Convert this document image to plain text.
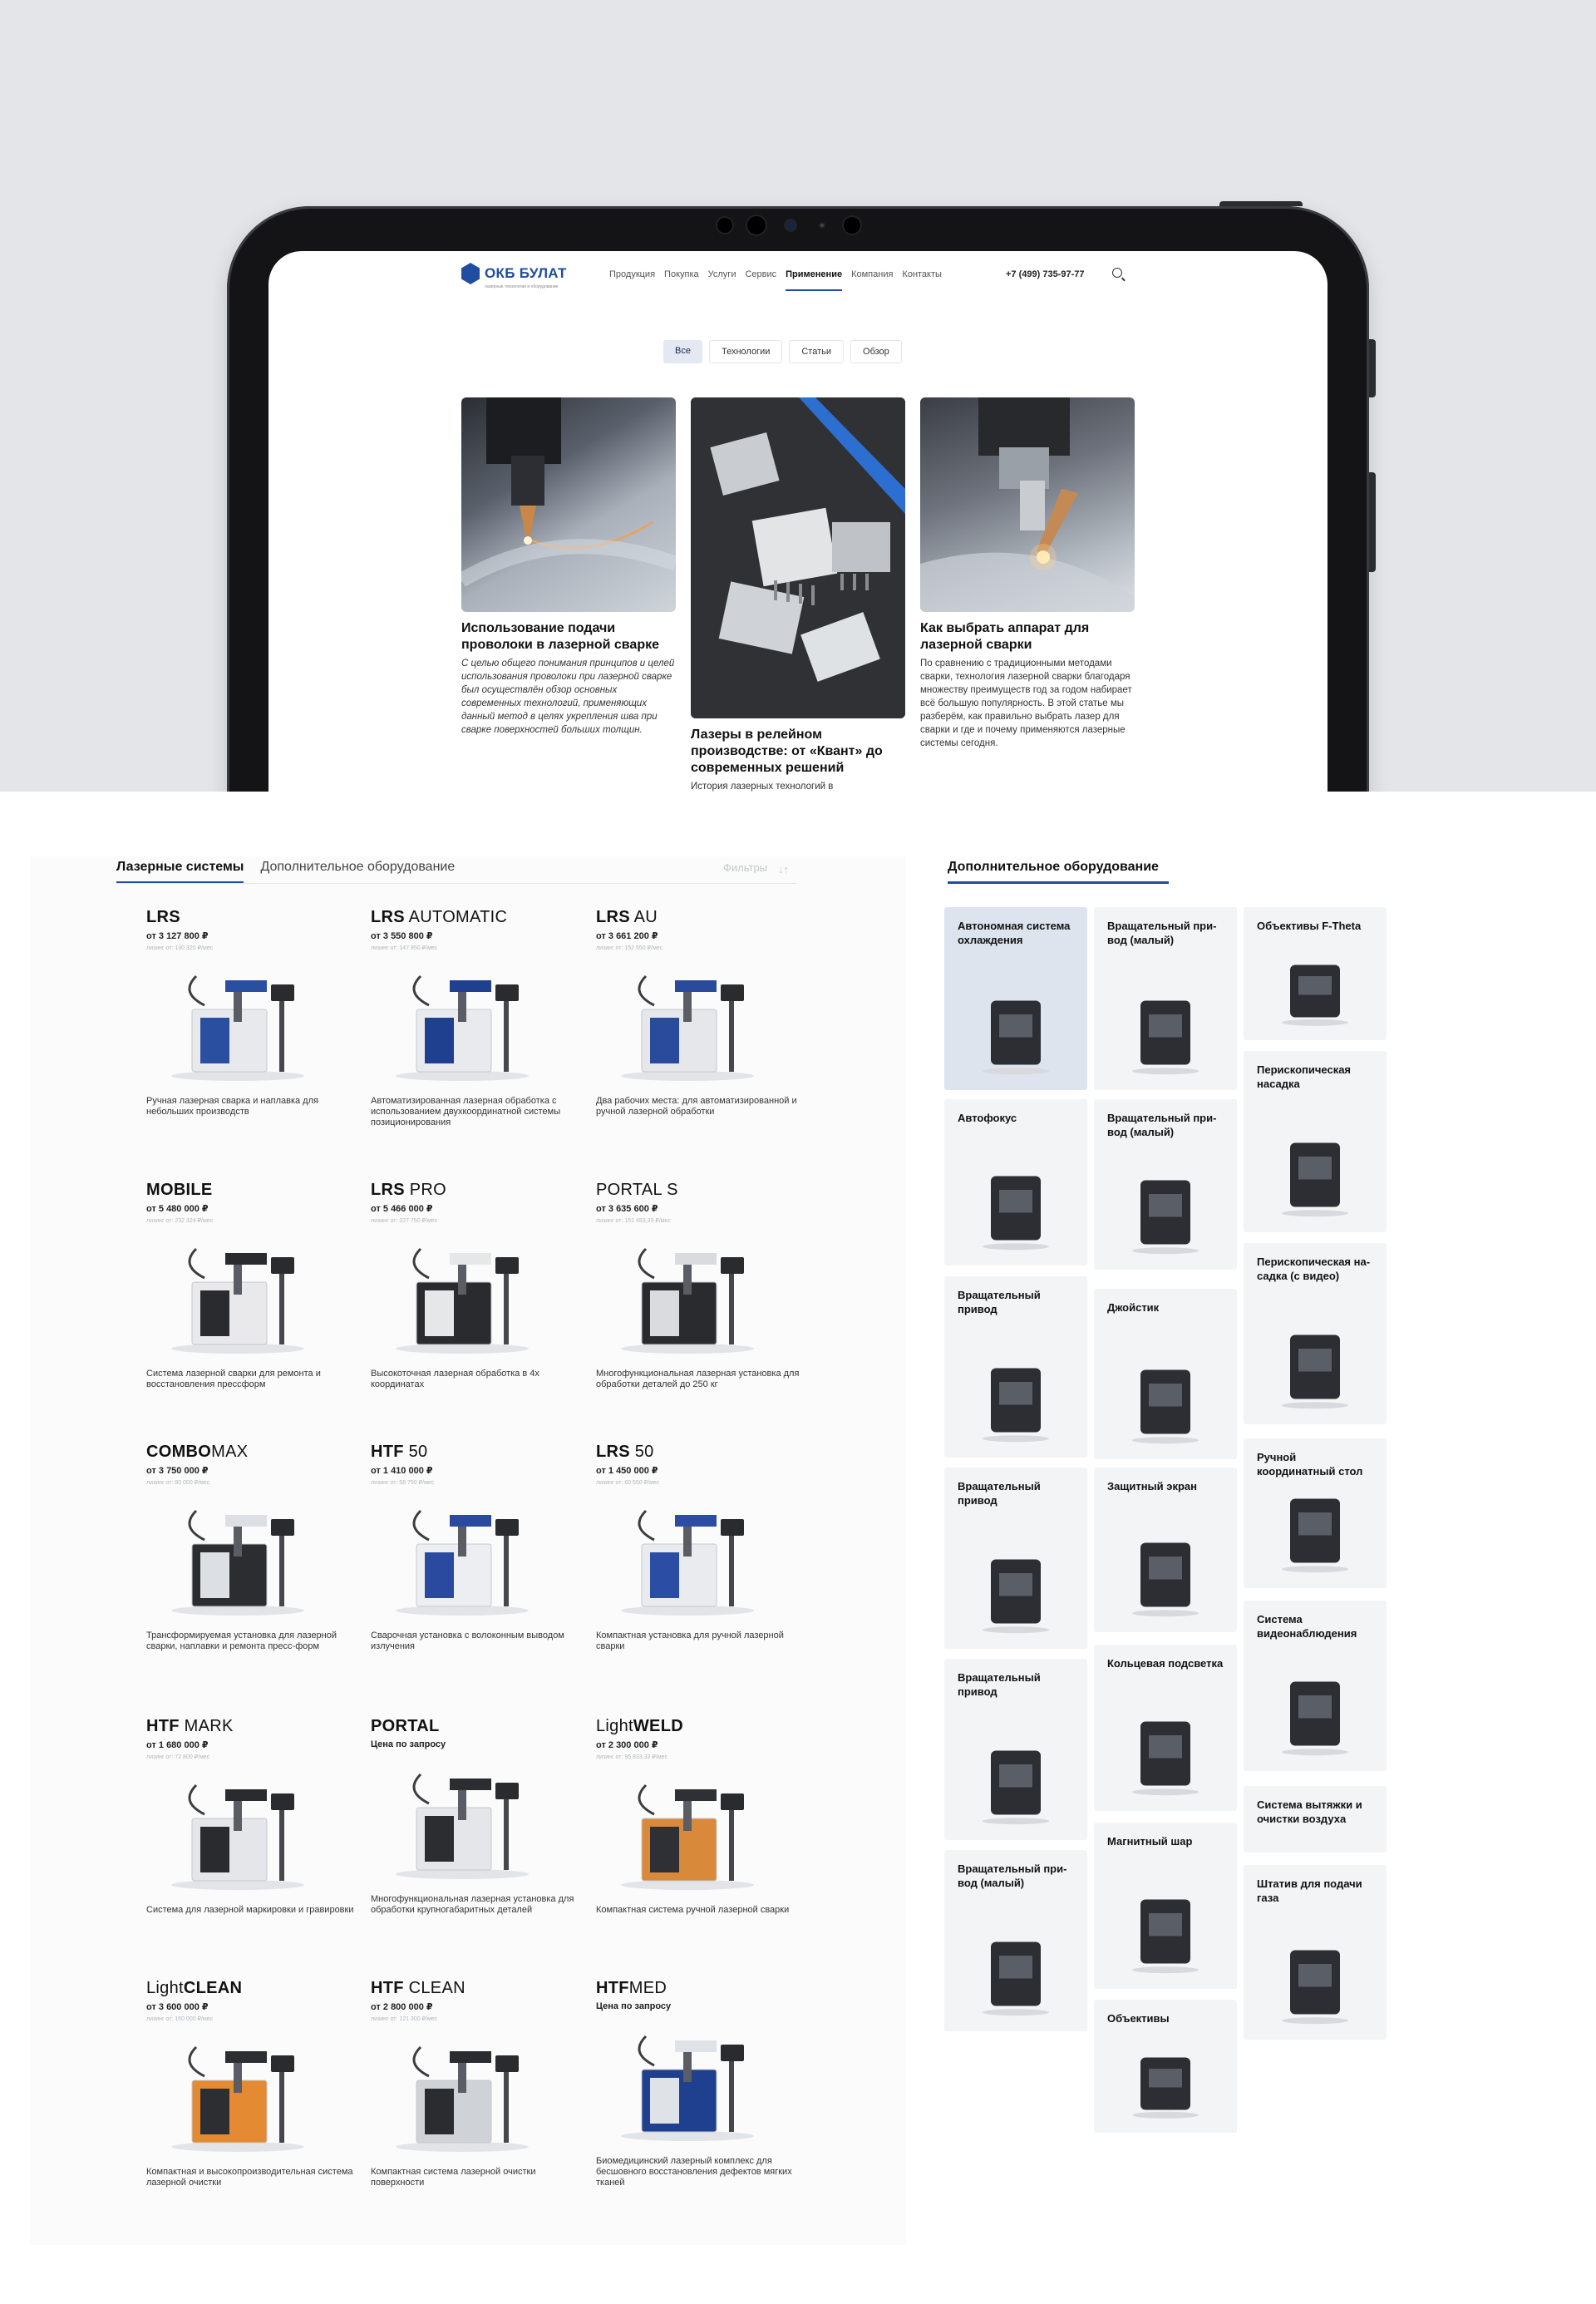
ОКБ БУЛАТ
лазерные технологии и оборудование
Продукция Покупка Услуги Сервис Применение Компания Контакты	+7 (499) 735-97-77
Все	Технологии	Статьи	Обзор
Использование подачи проволоки в лазерной сварке
С целью общего понимания принципов и целей использования проволоки при лазерной сварке был осуществлён обзор основных современных технологий, применяющих данный метод в целях укрепления шва при сварке поверхностей больших толщин.	Лазеры в релейном производстве: от «Квант» до современных решений
История лазерных технологий в
Как выбрать аппарат для лазерной сварки
По сравнению с традиционными методами сварки, технология лазерной сварки благодаря множеству преимуществ год за годом набирает всё большую популярность. В этой статье мы разберём, как правильно выбрать лазер для сварки и где и почему применяются лазерные системы сегодня.
Лазерные системы Дополнительное оборудование	Фильтры ↓↑
LRS
от 3 127 800 ₽
лизинг от: 130 320 ₽/мес
Ручная лазерная сварка и наплавка для небольших производств
LRS AUTOMATIC
от 3 550 800 ₽
лизинг от: 147 950 ₽/мес
Автоматизированная лазерная обработка с использованием двухкоординатной системы позиционирования
LRS AU
от 3 661 200 ₽
лизинг от: 152 550 ₽/мес
Два рабочих места: для автоматизированной и ручной лазерной обработки
MOBILE
от 5 480 000 ₽
лизинг от: 232 324 ₽/мес
Система лазерной сварки для ремонта и восстановления прессформ
LRS PRO
от 5 466 000 ₽
лизинг от: 227 750 ₽/мес
Высокоточная лазерная обработка в 4х координатах
PORTAL S
от 3 635 600 ₽
лизинг от: 151 483,33 ₽/мес
Многофункциональная лазерная установка для обработки деталей до 250 кг
COMBOMAX
от 3 750 000 ₽
лизинг от: 80 000 ₽/мес
Трансформируемая установка для лазерной сварки, наплавки и ремонта пресс-форм
HTF 50
от 1 410 000 ₽
лизинг от: 58 750 ₽/мес
Сварочная установка с волоконным выводом излучения
LRS 50
от 1 450 000 ₽
лизинг от: 60 550 ₽/мес
Компактная установка для ручной лазерной сварки
HTF MARK
от 1 680 000 ₽
лизинг от: 72 800 ₽/мес
Система для лазерной маркировки и гравировки
PORTAL
Цена по запросу
Многофункциональная лазерная установка для обработки крупногабаритных деталей
LightWELD
от 2 300 000 ₽
лизинг от: 95 833,33 ₽/мес
Компактная система ручной лазерной сварки
LightCLEAN
от 3 600 000 ₽
лизинг от: 150 000 ₽/мес
Компактная и высокопроизводительная система лазерной очистки
HTF CLEAN
от 2 800 000 ₽
лизинг от: 121 300 ₽/мес
Компактная система лазерной очистки поверхности
HTFMED
Цена по запросу
Биомедицинский лазерный комплекс для бесшовного восстановления дефектов мягких тканей
Дополнительное оборудование
Автономная система охлаждения
Автофокус
Вращательный привод
Вращательный привод
Вращательный привод
Вращательный при-вод (малый)
Вращательный при-вод (малый)
Вращательный при-вод (малый)
Джойстик
Защитный экран
Кольцевая подсветка
Магнитный шар
Объективы
Объективы F-Theta
Перископическая насадка
Перископическая на-садка (с видео)
Ручной координатный стол
Система видеонаблюдения
Система вытяжки и очистки воздуха
Штатив для подачи газа
